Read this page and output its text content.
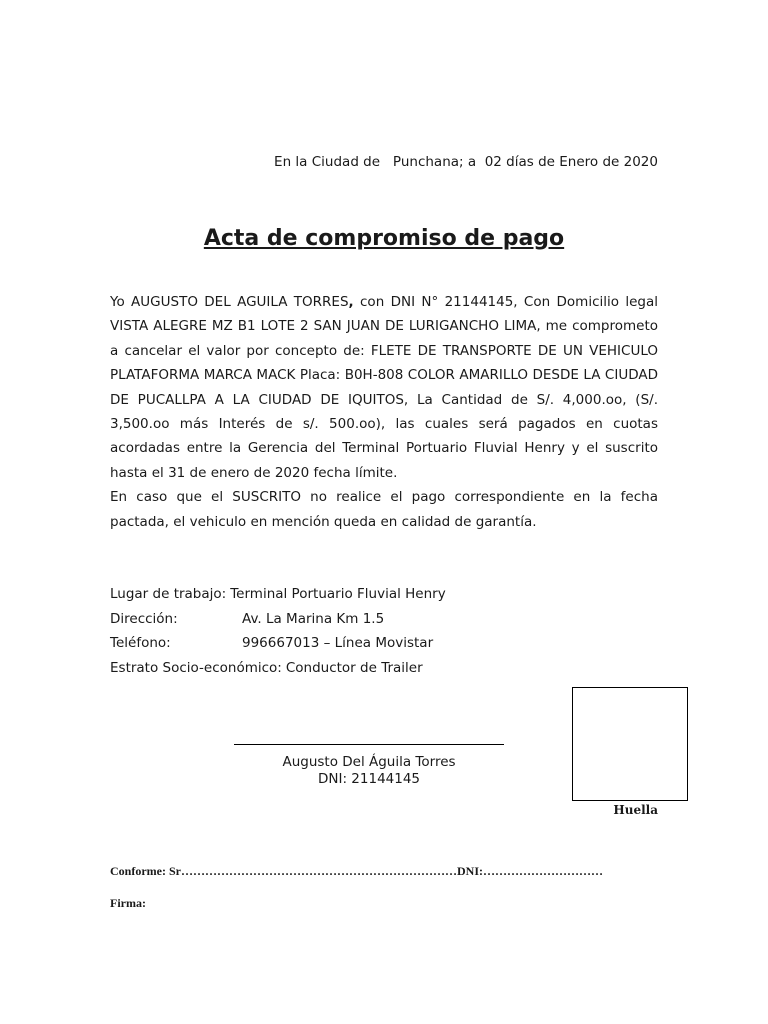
En la Ciudad de   Punchana; a  02 días de Enero de 2020
Acta de compromiso de pago

Yo AUGUSTO DEL AGUILA TORRES, con DNI N° 21144145, Con Domicilio legal VISTA ALEGRE MZ B1 LOTE 2 SAN JUAN DE LURIGANCHO LIMA, me comprometo a cancelar el valor por concepto de: FLETE DE TRANSPORTE DE UN VEHICULO PLATAFORMA MARCA MACK Placa: B0H-808 COLOR AMARILLO DESDE LA CIUDAD DE PUCALLPA A LA CIUDAD DE IQUITOS, La Cantidad de S/. 4,000.oo, (S/. 3,500.oo más Interés de s/. 500.oo), las cuales será pagados en cuotas acordadas entre la Gerencia del Terminal Portuario Fluvial Henry y el suscrito hasta el 31 de enero de 2020 fecha límite.

En caso que el SUSCRITO no realice el pago correspondiente en la fecha pactada, el vehiculo en mención queda en calidad de garantía.

Lugar de trabajo: Terminal Portuario Fluvial Henry
Dirección:	Av. La Marina Km 1.5
Teléfono:	996667013 – Línea Movistar
Estrato Socio-económico: Conductor de Trailer
Huella
Augusto Del Águila Torres
DNI: 21144145
Conforme: Sr……………………………………………………………DNI:…………………………
Firma:
